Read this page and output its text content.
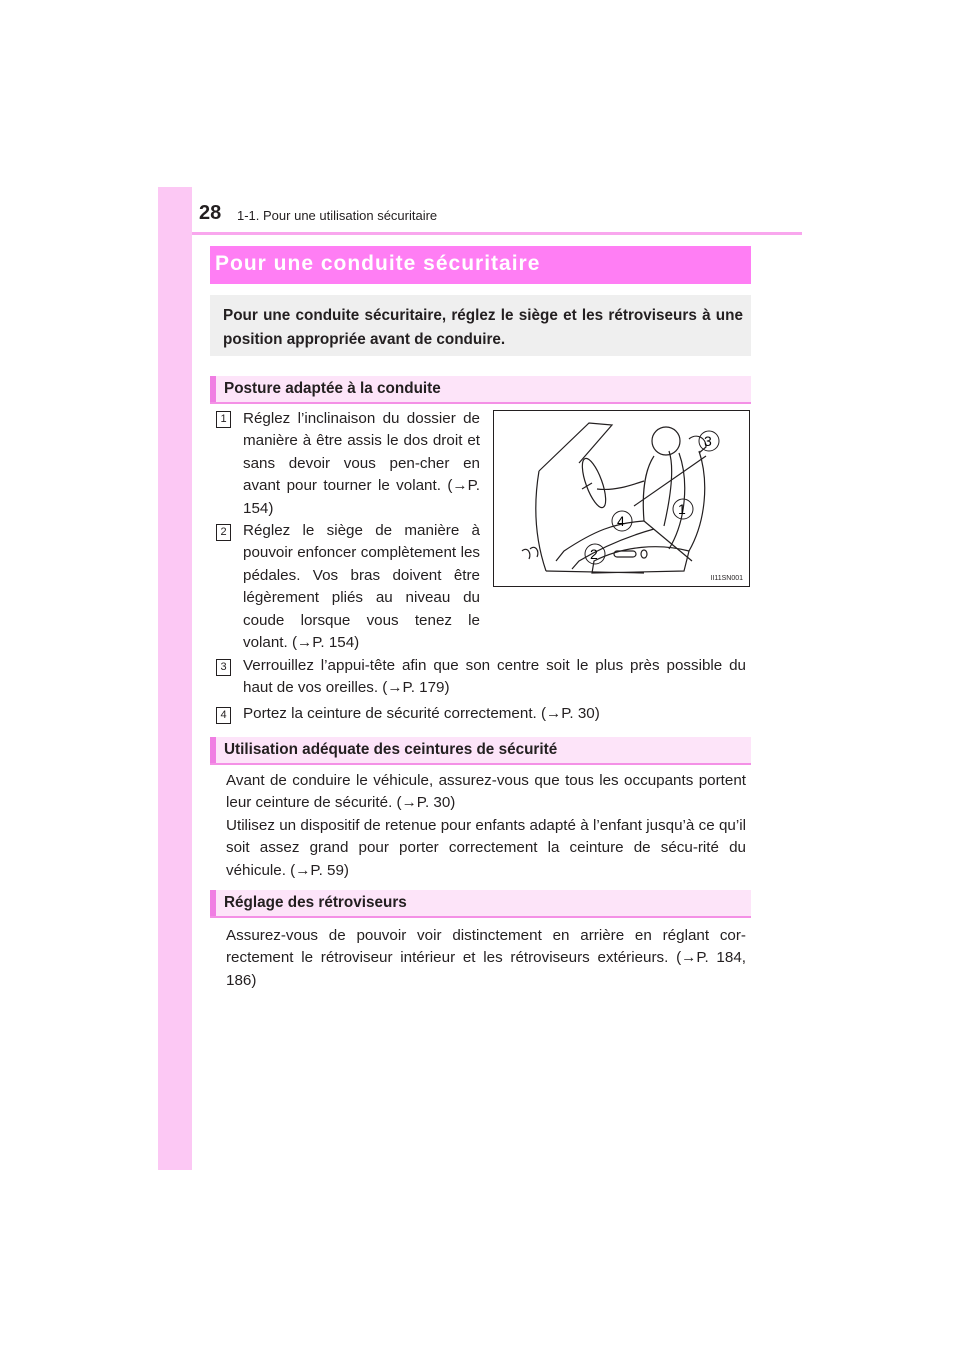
28 1-1. Pour une utilisation sécuritaire
Pour une conduite sécuritaire
Pour une conduite sécuritaire, réglez le siège et les rétroviseurs à une position appropriée avant de conduire.
Posture adaptée à la conduite
1 Réglez l’inclinaison du dossier de manière à être assis le dos droit et sans devoir vous pen-cher en avant pour tourner le volant. (→P. 154)
2 Réglez le siège de manière à pouvoir enfoncer complètement les pédales. Vos bras doivent être légèrement pliés au niveau du coude lorsque vous tenez le volant. (→P. 154)
3
1
2
4
II11SN001
3 Verrouillez l’appui-tête afin que son centre soit le plus près possible du haut de vos oreilles. (→P. 179)
4 Portez la ceinture de sécurité correctement. (→P. 30)
Utilisation adéquate des ceintures de sécurité
Avant de conduire le véhicule, assurez-vous que tous les occupants portent leur ceinture de sécurité. (→P. 30)
Utilisez un dispositif de retenue pour enfants adapté à l’enfant jusqu’à ce qu’il soit assez grand pour porter correctement la ceinture de sécu-rité du véhicule. (→P. 59)
Réglage des rétroviseurs
Assurez-vous de pouvoir voir distinctement en arrière en réglant cor-rectement le rétroviseur intérieur et les rétroviseurs extérieurs. (→P. 184, 186)
